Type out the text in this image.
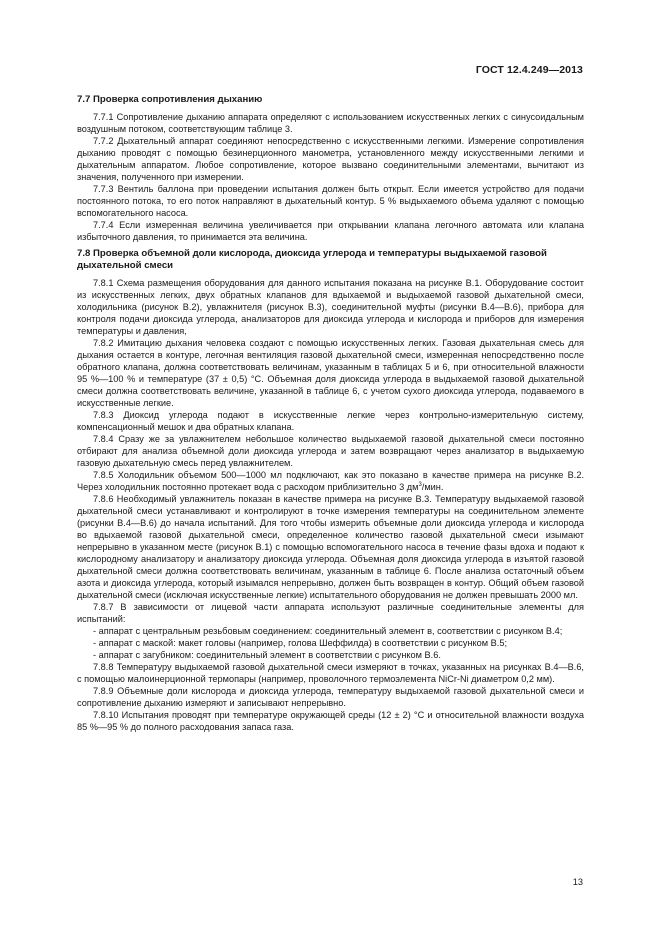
ГОСТ 12.4.249—2013
7.7 Проверка сопротивления дыханию

7.7.1 Сопротивление дыханию аппарата определяют с использованием искусственных легких с синусоидальным воздушным потоком, соответствующим таблице 3.

7.7.2 Дыхательный аппарат соединяют непосредственно с искусственными легкими. Измерение сопротивления дыханию проводят с помощью безинерционного манометра, установленного между искусственными легкими и дыхательным аппаратом. Любое сопротивление, которое вызвано соединительными элементами, вычитают из значения, полученного при измерении.

7.7.3 Вентиль баллона при проведении испытания должен быть открыт. Если имеется устройство для подачи постоянного потока, то его поток направляют в дыхательный контур. 5 % выдыхаемого объема удаляют с помощью вспомогательного насоса.

7.7.4 Если измеренная величина увеличивается при открывании клапана легочного автомата или клапана избыточного давления, то принимается эта величина.

7.8 Проверка объемной доли кислорода, диоксида углерода и температуры выдыхаемой газовой дыхательной смеси

7.8.1 Схема размещения оборудования для данного испытания показана на рисунке В.1. Оборудование состоит из искусственных легких, двух обратных клапанов для вдыхаемой и выдыхаемой газовой дыхательной смеси, холодильника (рисунок В.2), увлажнителя (рисунок В.3), соединительной муфты (рисунки В.4—В.6), прибора для контроля подачи диоксида углерода, анализаторов для диоксида углерода и кислорода и приборов для измерения температуры и давления,

7.8.2 Имитацию дыхания человека создают с помощью искусственных легких. Газовая дыхательная смесь для дыхания остается в контуре, легочная вентиляция газовой дыхательной смеси, измеренная непосредственно после обратного клапана, должна соответствовать величинам, указанным в таблицах 5 и 6, при относительной влажности 95 %—100 % и температуре (37 ± 0,5) °С. Объемная доля диоксида углерода в выдыхаемой газовой дыхательной смеси должна соответствовать величине, указанной в таблице 6, с учетом сухого диоксида углерода, подаваемого в искусственные легкие.

7.8.3 Диоксид углерода подают в искусственные легкие через контрольно-измерительную систему, компенсационный мешок и два обратных клапана.

7.8.4 Сразу же за увлажнителем небольшое количество выдыхаемой газовой дыхательной смеси постоянно отбирают для анализа объемной доли диоксида углерода и затем возвращают через анализатор в выдыхаемую газовую дыхательную смесь перед увлажнителем.

7.8.5 Холодильник объемом 500—1000 мл подключают, как это показано в качестве примера на рисунке В.2. Через холодильник постоянно протекает вода с расходом приблизительно 3 $дм^3$/мин.

7.8.6 Необходимый увлажнитель показан в качестве примера на рисунке В.3. Температуру выдыхаемой газовой дыхательной смеси устанавливают и контролируют в точке измерения температуры на соединительном элементе (рисунки В.4—В.6) до начала испытаний. Для того чтобы измерить объемные доли диоксида углерода и кислорода во вдыхаемой газовой дыхательной смеси, определенное количество газовой дыхательной смеси изымают непрерывно в указанном месте (рисунок В.1) с помощью вспомогательного насоса в течение фазы вдоха и подают к кислородному анализатору и анализатору диоксида углерода. Объемная доля диоксида углерода в изъятой газовой дыхательной смеси должна соответствовать величинам, указанным в таблице 6. После анализа остаточный объем азота и диоксида углерода, который изымался непрерывно, должен быть возвращен в контур. Общий объем газовой дыхательной смеси (исключая искусственные легкие) испытательного оборудования не должен превышать 2000 мл.

7.8.7 В зависимости от лицевой части аппарата используют различные соединительные элементы для испытаний:

- аппарат с центральным резьбовым соединением: соединительный элемент в, соответствии с рисунком В.4;

- аппарат с маской: макет головы (например, голова Шеффилда) в соответствии с рисунком В.5;

- аппарат с загубником: соединительный элемент в соответствии с рисунком В.6.

7.8.8 Температуру выдыхаемой газовой дыхательной смеси измеряют в точках, указанных на рисунках В.4—В.6, с помощью малоинерционной термопары (например, проволочного термоэлемента NiCr-Ni диаметром 0,2 мм).

7.8.9 Объемные доли кислорода и диоксида углерода, температуру выдыхаемой газовой дыхательной смеси и сопротивление дыханию измеряют и записывают непрерывно.

7.8.10 Испытания проводят при температуре окружающей среды (12 ± 2) °С и относительной влажности воздуха 85 %—95 % до полного расходования запаса газа.

13
